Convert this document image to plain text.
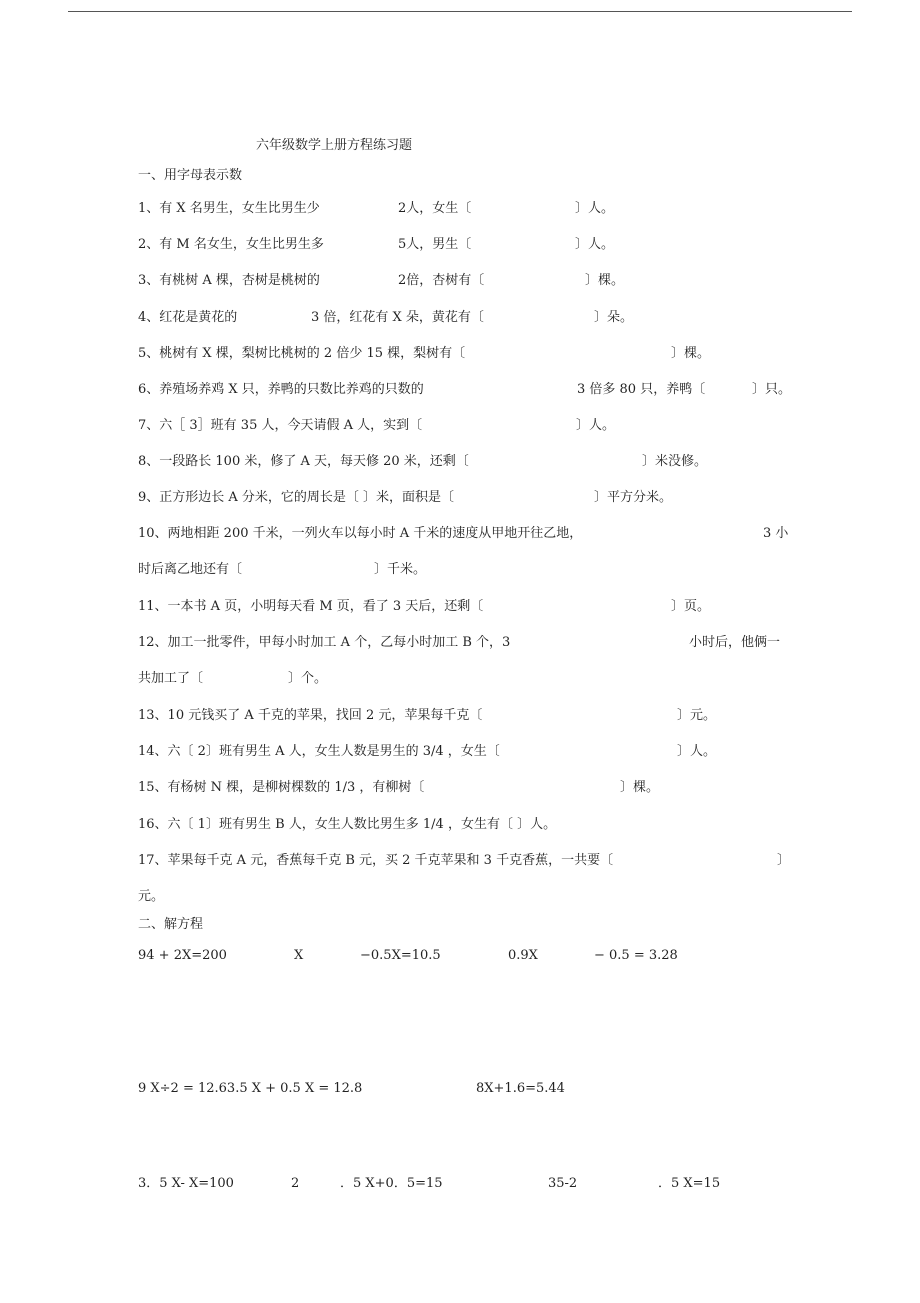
六年级数学上册方程练习题
一、用字母表示数
1、有 X 名男生，女生比男生少	2人，女生〔	〕人。
2、有 M 名女生，女生比男生多	5人，男生〔	〕人。
3、有桃树 A 棵，杏树是桃树的	2倍，杏树有〔	〕棵。
4、红花是黄花的	3 倍，红花有 X 朵，黄花有〔	〕朵。
5、桃树有 X 棵，梨树比桃树的 2 倍少 15 棵，梨树有〔	〕棵。
6、养殖场养鸡 X 只，养鸭的只数比养鸡的只数的	3 倍多 80 只，养鸭〔	〕只。
7、六［ 3］班有 35 人，今天请假 A 人，实到〔	〕人。
8、一段路长 100 米，修了 A 天，每天修 20 米，还剩〔	〕米没修。
9、正方形边长 A 分米，它的周长是〔 〕米，面积是〔	〕平方分米。
10、两地相距 200 千米，一列火车以每小时 A 千米的速度从甲地开往乙地，	3 小
时后离乙地还有〔	〕千米。
11、一本书 A 页，小明每天看 M 页，看了 3 天后，还剩〔	〕页。
12、加工一批零件，甲每小时加工 A 个，乙每小时加工 B 个，3	小时后，他俩一
共加工了〔	〕个。
13、10 元钱买了 A 千克的苹果，找回 2 元，苹果每千克〔	〕元。
14、六〔 2〕班有男生 A 人，女生人数是男生的 3/4 ，女生〔	〕人。
15、有杨树 N 棵，是柳树棵数的 1/3 ，有柳树〔	〕棵。
16、六〔 1〕班有男生 B 人，女生人数比男生多 1/4 ，女生有〔 〕人。
17、苹果每千克 A 元，香蕉每千克 B 元，买 2 千克苹果和 3 千克香蕉，一共要〔	〕
元。
二、解方程
94 + 2X=200	X	−0.5X=10.5	0.9X	− 0.5 = 3.28
9 X÷2 = 12.63.5 X + 0.5 X = 12.8	8X+1.6=5.44
3．5 X- X=100	2	．5 X+0．5=15	35-2	．5 X=15
